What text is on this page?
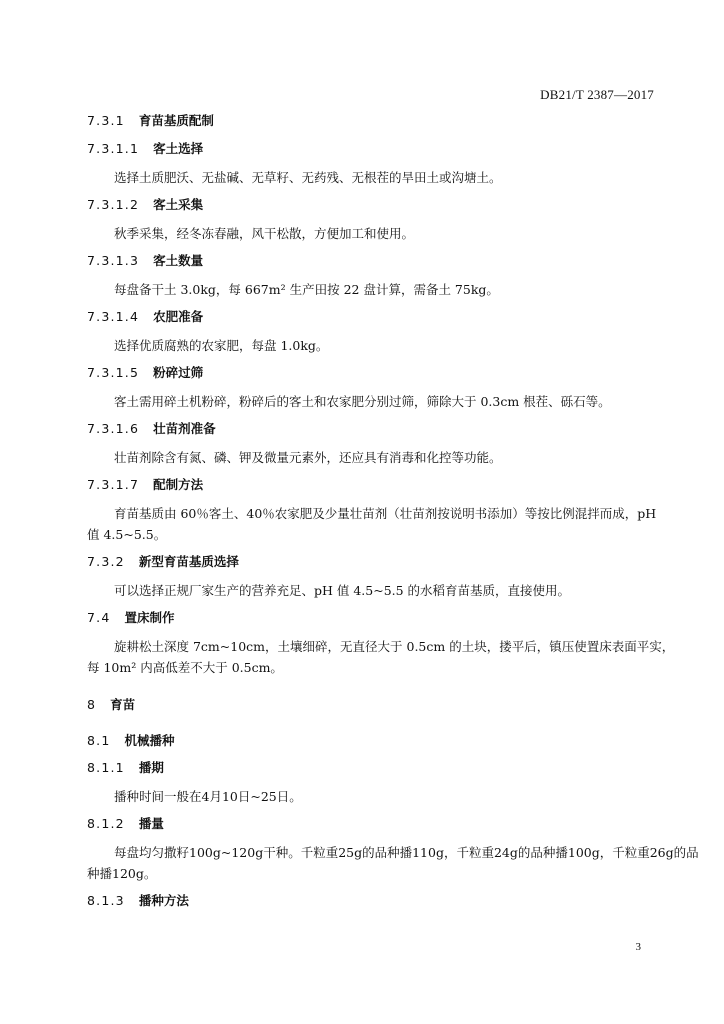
DB21/T 2387—2017
7.3.1 育苗基质配制
7.3.1.1 客土选择

选择土质肥沃、无盐碱、无草籽、无药残、无根茬的旱田土或沟塘土。

7.3.1.2 客土采集

秋季采集，经冬冻春融，风干松散，方便加工和使用。

7.3.1.3 客土数量

每盘备干土 3.0kg，每 667m² 生产田按 22 盘计算，需备土 75kg。

7.3.1.4 农肥准备

选择优质腐熟的农家肥，每盘 1.0kg。

7.3.1.5 粉碎过筛

客土需用碎土机粉碎，粉碎后的客土和农家肥分别过筛，筛除大于 0.3cm 根茬、砾石等。

7.3.1.6 壮苗剂准备

壮苗剂除含有氮、磷、钾及微量元素外，还应具有消毒和化控等功能。

7.3.1.7 配制方法

育苗基质由 60％客土、40％农家肥及少量壮苗剂（壮苗剂按说明书添加）等按比例混拌而成，pH
值 4.5~5.5。

7.3.2 新型育苗基质选择

可以选择正规厂家生产的营养充足、pH 值 4.5~5.5 的水稻育苗基质，直接使用。

7.4 置床制作

旋耕松土深度 7cm~10cm，土壤细碎，无直径大于 0.5cm 的土块，搂平后，镇压使置床表面平实，
每 10m² 内高低差不大于 0.5cm。

8 育苗
8.1 机械播种
8.1.1 播期

播种时间一般在4月10日~25日。

8.1.2 播量

每盘均匀撒籽100g~120g干种。千粒重25g的品种播110g，千粒重24g的品种播100g，千粒重26g的品
种播120g。

8.1.3 播种方法
3
